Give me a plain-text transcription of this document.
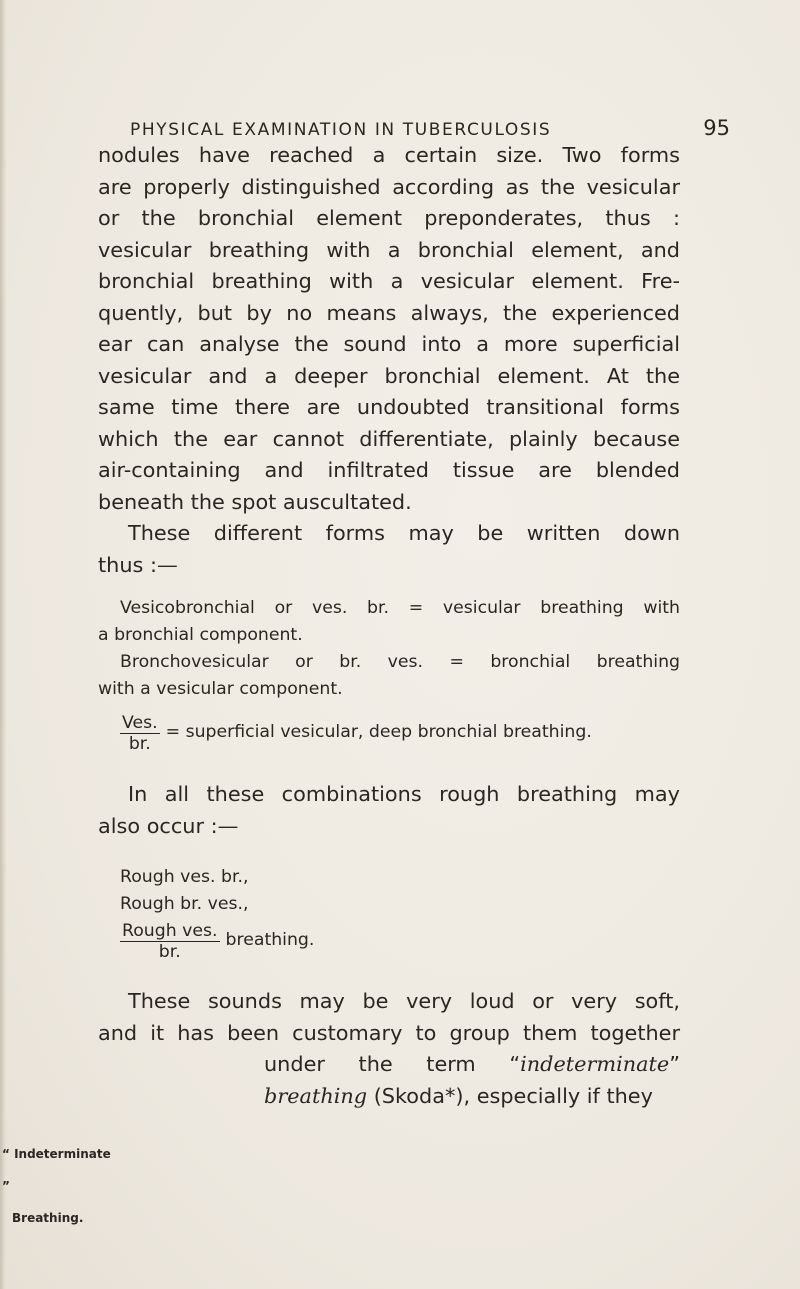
PHYSICAL EXAMINATION IN TUBERCULOSIS	95

nodules have reached a certain size. Two forms
are properly distinguished according as the vesicular
or the bronchial element preponderates, thus :
vesicular breathing with a bronchial element, and
bronchial breathing with a vesicular element. Fre-
quently, but by no means always, the experienced
ear can analyse the sound into a more superficial
vesicular and a deeper bronchial element. At the
same time there are undoubted transitional forms
which the ear cannot differentiate, plainly because
air-containing and infiltrated tissue are blended
beneath the spot auscultated.
These different forms may be written down
thus :—

Vesicobronchial or ves. br. = vesicular breathing with
a bronchial component.
Bronchovesicular or br. ves. = bronchial breathing
with a vesicular component.
$\frac{\text{Ves.}}{br.}$ = superficial vesicular, deep bronchial breathing.
In all these combinations rough breathing may
also occur :—
Rough ves. br.,
Rough br. ves.,
$\frac{\text{Rough ves.}}{br.}$ breathing.
These sounds may be very loud or very soft,
and it has been customary to group them together
under the term “indeterminate”
breathing (Skoda*), especially if they
“ Indeterminate ”
Breathing.
